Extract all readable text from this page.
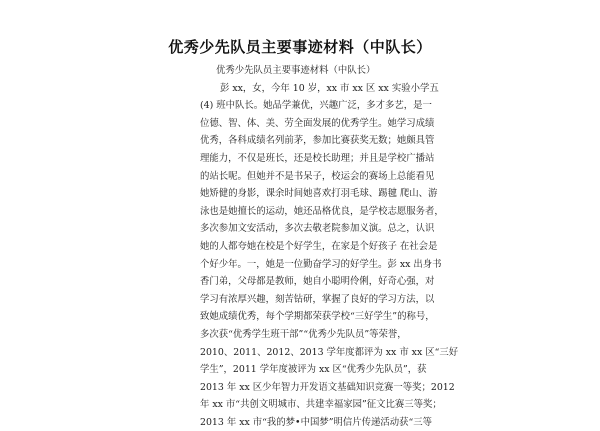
优秀少先队员主要事迹材料（中队长）
优秀少先队员主要事迹材料（中队长）
彭 xx，女，今年 10 岁，xx 市 xx 区 xx 实验小学五
(4) 班中队长。她品学兼优，兴趣广泛，多才多艺，是一
位德、智、体、美、劳全面发展的优秀学生。她学习成绩
优秀，各科成绩名列前茅，参加比赛获奖无数；她颇具管
理能力，不仅是班长，还是校长助理；并且是学校广播站
的站长呢。但她并不是书呆子，校运会的赛场上总能看见
她矫健的身影，课余时间她喜欢打羽毛球、踢毽 爬山、游
泳也是她擅长的运动，她还品格优良，是学校志愿服务者，
多次参加文安活动，多次去敬老院参加义演。总之，认识
她的人都夸她在校是个好学生，在家是个好孩子 在社会是
个好少年。一，她是一位勤奋学习的好学生。彭 xx 出身书
香门弟，父母都是教师，她自小聪明伶俐，好奇心强，对
学习有浓厚兴趣，刻苦钻研，掌握了良好的学习方法，以
致她成绩优秀，每个学期都荣获学校“三好学生”的称号，
多次获“优秀学生班干部”“优秀少先队员”等荣誉，
2010、2011、2012、2013 学年度都评为 xx 市 xx 区“三好
学生”，2011 学年度被评为 xx 区“优秀少先队员”，获
2013 年 xx 区少年智力开发语文基础知识竞赛一等奖；2012
年 xx 市“共创文明城市、共建幸福家园”征文比赛三等奖；
2013 年 xx 市“我的梦•中国梦”明信片传递活动获“三等
